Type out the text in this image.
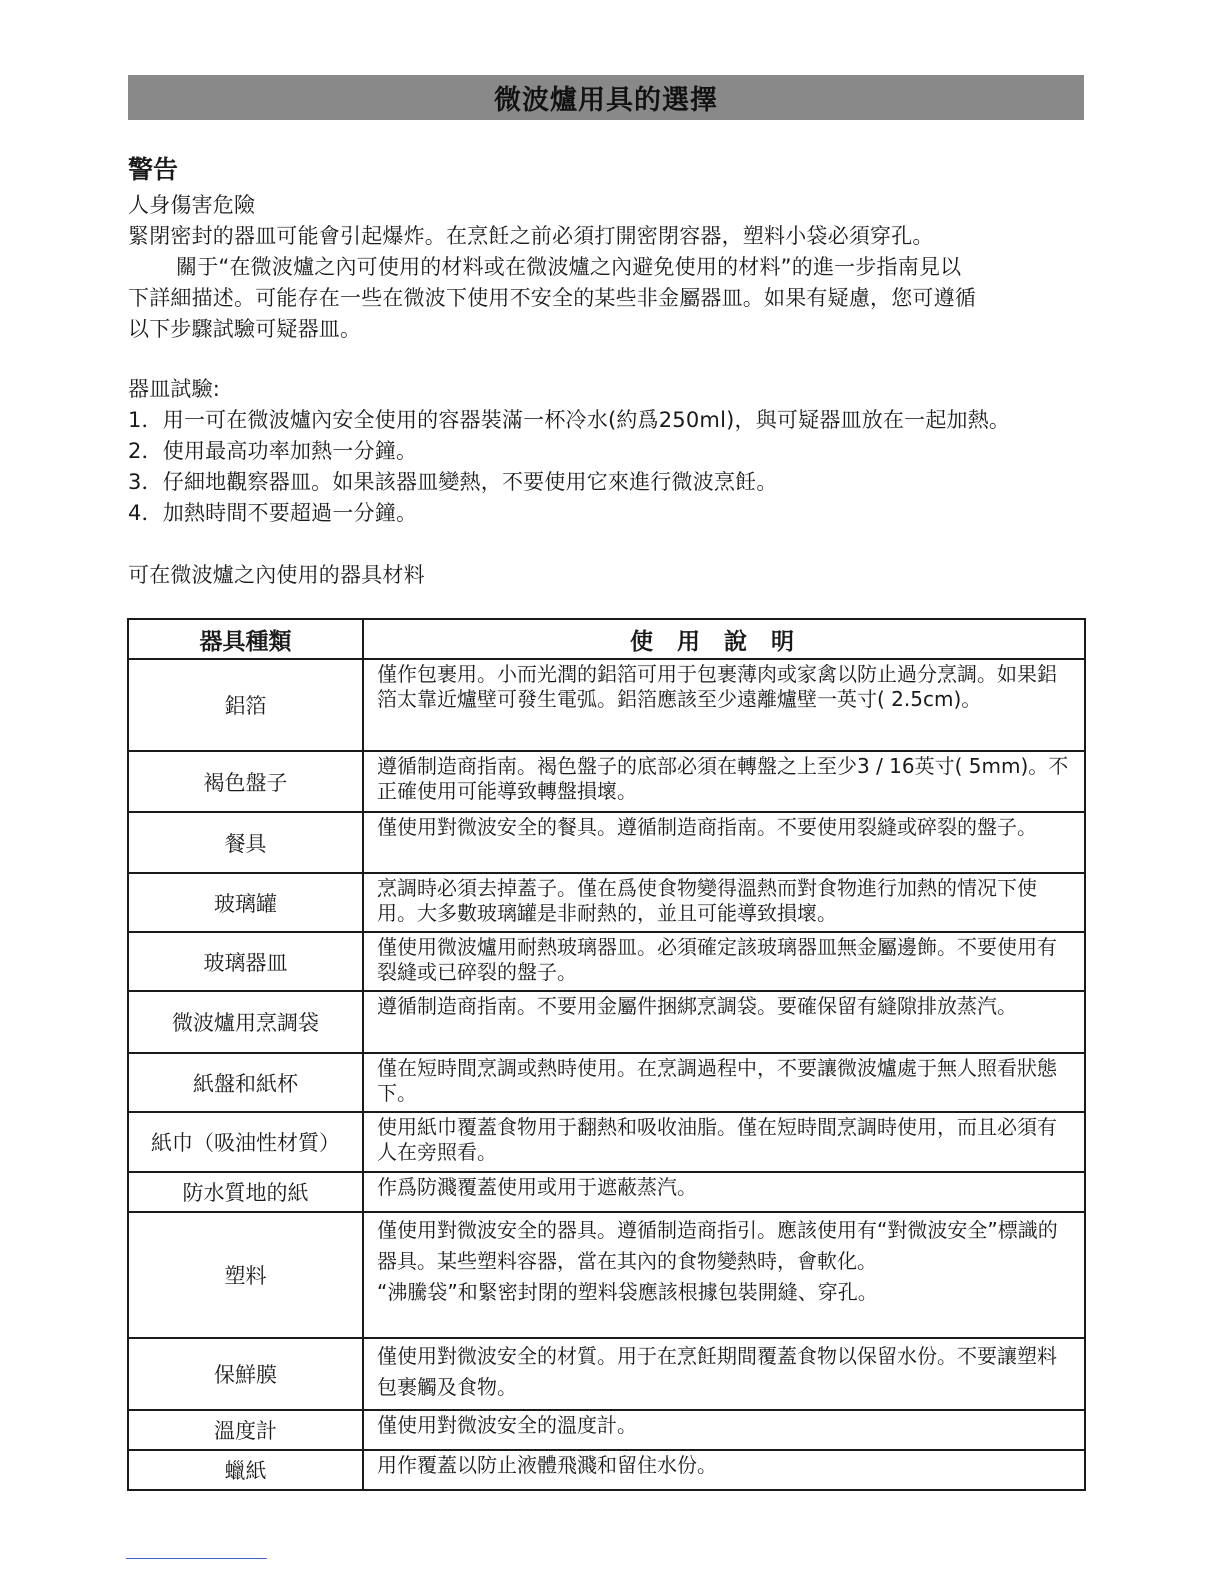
微波爐用具的選擇
警告
人身傷害危險
緊閉密封的器皿可能會引起爆炸。在烹飪之前必須打開密閉容器，塑料小袋必須穿孔。
關于“在微波爐之內可使用的材料或在微波爐之內避免使用的材料”的進一步指南見以
下詳細描述。可能存在一些在微波下使用不安全的某些非金屬器皿。如果有疑慮，您可遵循
以下步驟試驗可疑器皿。
器皿試驗:
1．用一可在微波爐內安全使用的容器裝滿一杯冷水(約爲250ml)，與可疑器皿放在一起加熱。
2．使用最高功率加熱一分鐘。
3．仔細地觀察器皿。如果該器皿變熱，不要使用它來進行微波烹飪。
4．加熱時間不要超過一分鐘。
可在微波爐之內使用的器具材料
器具種類	使用說明
鋁箔	僅作包裹用。小而光潤的鋁箔可用于包裹薄肉或家禽以防止過分烹調。如果鋁箔太靠近爐壁可發生電弧。鋁箔應該至少遠離爐壁一英寸( 2.5cm)。
褐色盤子	遵循制造商指南。褐色盤子的底部必須在轉盤之上至少3 / 16英寸( 5mm)。不正確使用可能導致轉盤損壞。
餐具	僅使用對微波安全的餐具。遵循制造商指南。不要使用裂縫或碎裂的盤子。
玻璃罐	烹調時必須去掉蓋子。僅在爲使食物變得溫熱而對食物進行加熱的情况下使用。大多數玻璃罐是非耐熱的，並且可能導致損壞。
玻璃器皿	僅使用微波爐用耐熱玻璃器皿。必須確定該玻璃器皿無金屬邊飾。不要使用有裂縫或已碎裂的盤子。
微波爐用烹調袋	遵循制造商指南。不要用金屬件捆綁烹調袋。要確保留有縫隙排放蒸汽。
紙盤和紙杯	僅在短時間烹調或熱時使用。在烹調過程中，不要讓微波爐處于無人照看狀態下。
紙巾（吸油性材質）	使用紙巾覆蓋食物用于翻熱和吸收油脂。僅在短時間烹調時使用，而且必須有人在旁照看。
防水質地的紙	作爲防濺覆蓋使用或用于遮蔽蒸汽。
塑料	僅使用對微波安全的器具。遵循制造商指引。應該使用有“對微波安全”標識的器具。某些塑料容器，當在其內的食物變熱時，會軟化。
“沸騰袋”和緊密封閉的塑料袋應該根據包裝開縫、穿孔。

保鮮膜	僅使用對微波安全的材質。用于在烹飪期間覆蓋食物以保留水份。不要讓塑料包裹觸及食物。
溫度計	僅使用對微波安全的溫度計。
蠟紙	用作覆蓋以防止液體飛濺和留住水份。
